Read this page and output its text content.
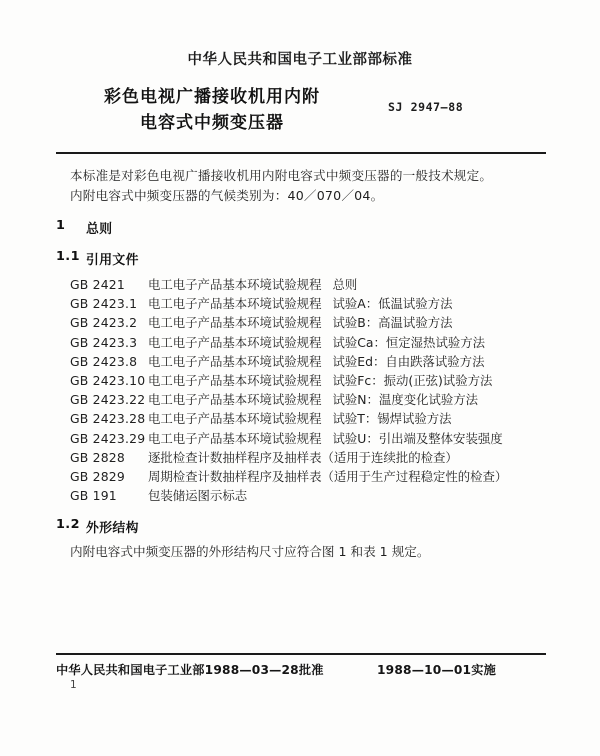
中华人民共和国电子工业部部标准
彩色电视广播接收机用内附
电容式中频变压器
SJ 2947—88
本标准是对彩色电视广播接收机用内附电容式中频变压器的一般技术规定。
内附电容式中频变压器的气候类别为：40／070／04。
1	总则
1.1 引用文件
GB 2421	电工电子产品基本环境试验规程 总则
GB 2423.1 电工电子产品基本环境试验规程 试验A：低温试验方法
GB 2423.2 电工电子产品基本环境试验规程 试验B：高温试验方法
GB 2423.3 电工电子产品基本环境试验规程 试验Ca：恒定湿热试验方法
GB 2423.8 电工电子产品基本环境试验规程 试验Ed：自由跌落试验方法
GB 2423.10 电工电子产品基本环境试验规程 试验Fc：振动(正弦)试验方法
GB 2423.22 电工电子产品基本环境试验规程 试验N：温度变化试验方法
GB 2423.28 电工电子产品基本环境试验规程 试验T：锡焊试验方法
GB 2423.29 电工电子产品基本环境试验规程 试验U：引出端及整体安装强度
GB 2828	逐批检查计数抽样程序及抽样表（适用于连续批的检查）
GB 2829	周期检查计数抽样程序及抽样表（适用于生产过程稳定性的检查）
GB 191	包装储运图示标志
1.2 外形结构
内附电容式中频变压器的外形结构尺寸应符合图 1 和表 1 规定。
中华人民共和国电子工业部1988—03—28批准	1988—10—01实施
1
